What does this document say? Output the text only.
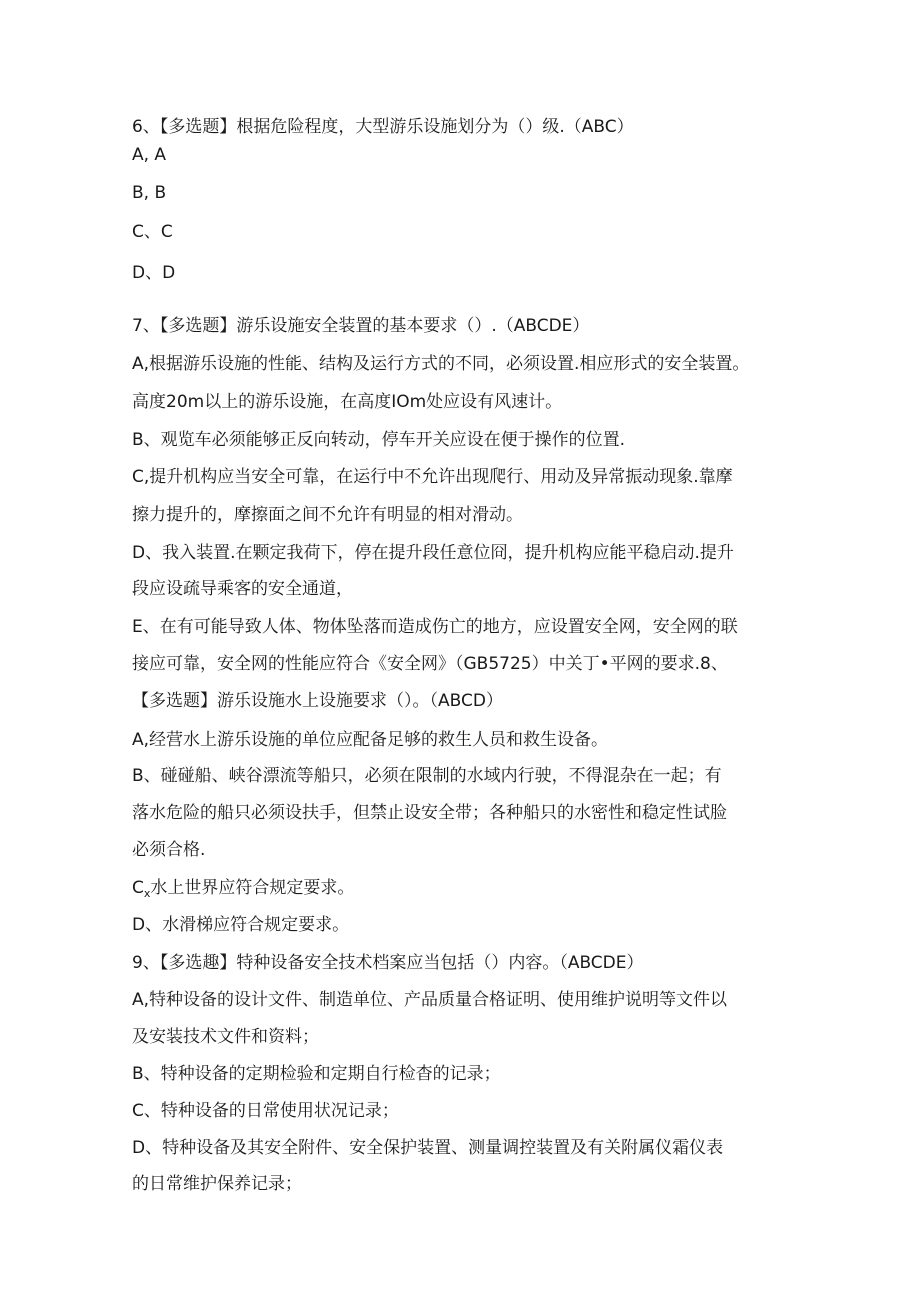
6、【多选题】根据危险程度，大型游乐设施划分为（）级.（ABC）
A, A
B, B
C、C
D、D
7、【多选题】游乐设施安全装置的基本要求（）.（ABCDE）
A,根据游乐设施的性能、结构及运行方式的不同，必须设置.相应形式的安全装置。
高度20m以上的游乐设施，在高度IOm处应设有风速计。
B、观览车必须能够正反向转动，停车开关应设在便于操作的位置.
C,提升机构应当安全可靠，在运行中不允许出现爬行、用动及异常振动现象.靠摩
擦力提升的，摩擦面之间不允许有明显的相对滑动。
D、我入装置.在颗定我荷下，停在提升段任意位冏，提升机构应能平稳启动.提升
段应设疏导乘客的安全通道，
E、在有可能导致人体、物体坠落而造成伤亡的地方，应设置安全网，安全网的联
接应可靠，安全网的性能应符合《安全网》（GB5725）中关丁•平网的要求.8、
【多选题】游乐设施水上设施要求（）。（ABCD）
A,经营水上游乐设施的单位应配备足够的救生人员和救生设备。
B、碰碰船、峡谷漂流等船只，必须在限制的水域内行驶，不得混杂在一起；有
落水危险的船只必须设扶手，但禁止设安全带；各种船只的水密性和稳定性试脸
必须合格.
$C_x$水上世界应符合规定要求。
D、水滑梯应符合规定要求。
9、【多选趣】特种设备安全技术档案应当包括（）内容。（ABCDE）
A,特种设备的设计文件、制造单位、产品质量合格证明、使用维护说明等文件以
及安装技术文件和资料；
B、特种设备的定期检验和定期自行检杳的记录；
C、特种设备的日常使用状况记录；
D、特种设备及其安全附件、安全保护装置、测量调控装置及有关附属仪霜仪表
的日常维护保养记录；
